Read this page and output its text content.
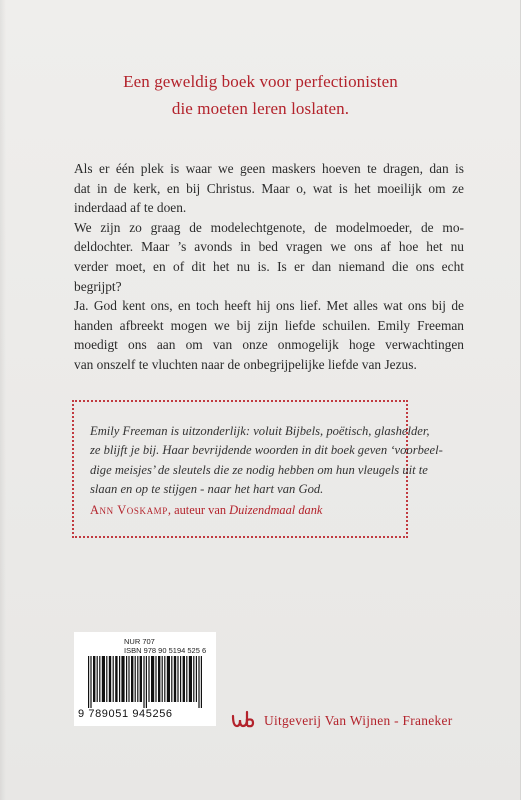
Een geweldig boek voor perfectionisten
die moeten leren loslaten.
Als er één plek is waar we geen maskers hoeven te dragen, dan is
dat in de kerk, en bij Christus. Maar o, wat is het moeilijk om ze
inderdaad af te doen.
We zijn zo graag de modelechtgenote, de modelmoeder, de mo-
deldochter. Maar ’s avonds in bed vragen we ons af hoe het nu
verder moet, en of dit het nu is. Is er dan niemand die ons echt
begrijpt?
Ja. God kent ons, en toch heeft hij ons lief. Met alles wat ons bij de
handen afbreekt mogen we bij zijn liefde schuilen. Emily Freeman
moedigt ons aan om van onze onmogelijk hoge verwachtingen
van onszelf te vluchten naar de onbegrijpelijke liefde van Jezus.
Emily Freeman is uitzonderlijk: voluit Bijbels, poëtisch, glashelder,
ze blijft je bij. Haar bevrijdende woorden in dit boek geven ‘voorbeel-
dige meisjes’ de sleutels die ze nodig hebben om hun vleugels uit te
slaan en op te stijgen - naar het hart van God.
Ann Voskamp, auteur van Duizendmaal dank
NUR 707
ISBN 978 90 5194 525 6
9 789051 945256	Uitgeverij Van Wijnen - Franeker
